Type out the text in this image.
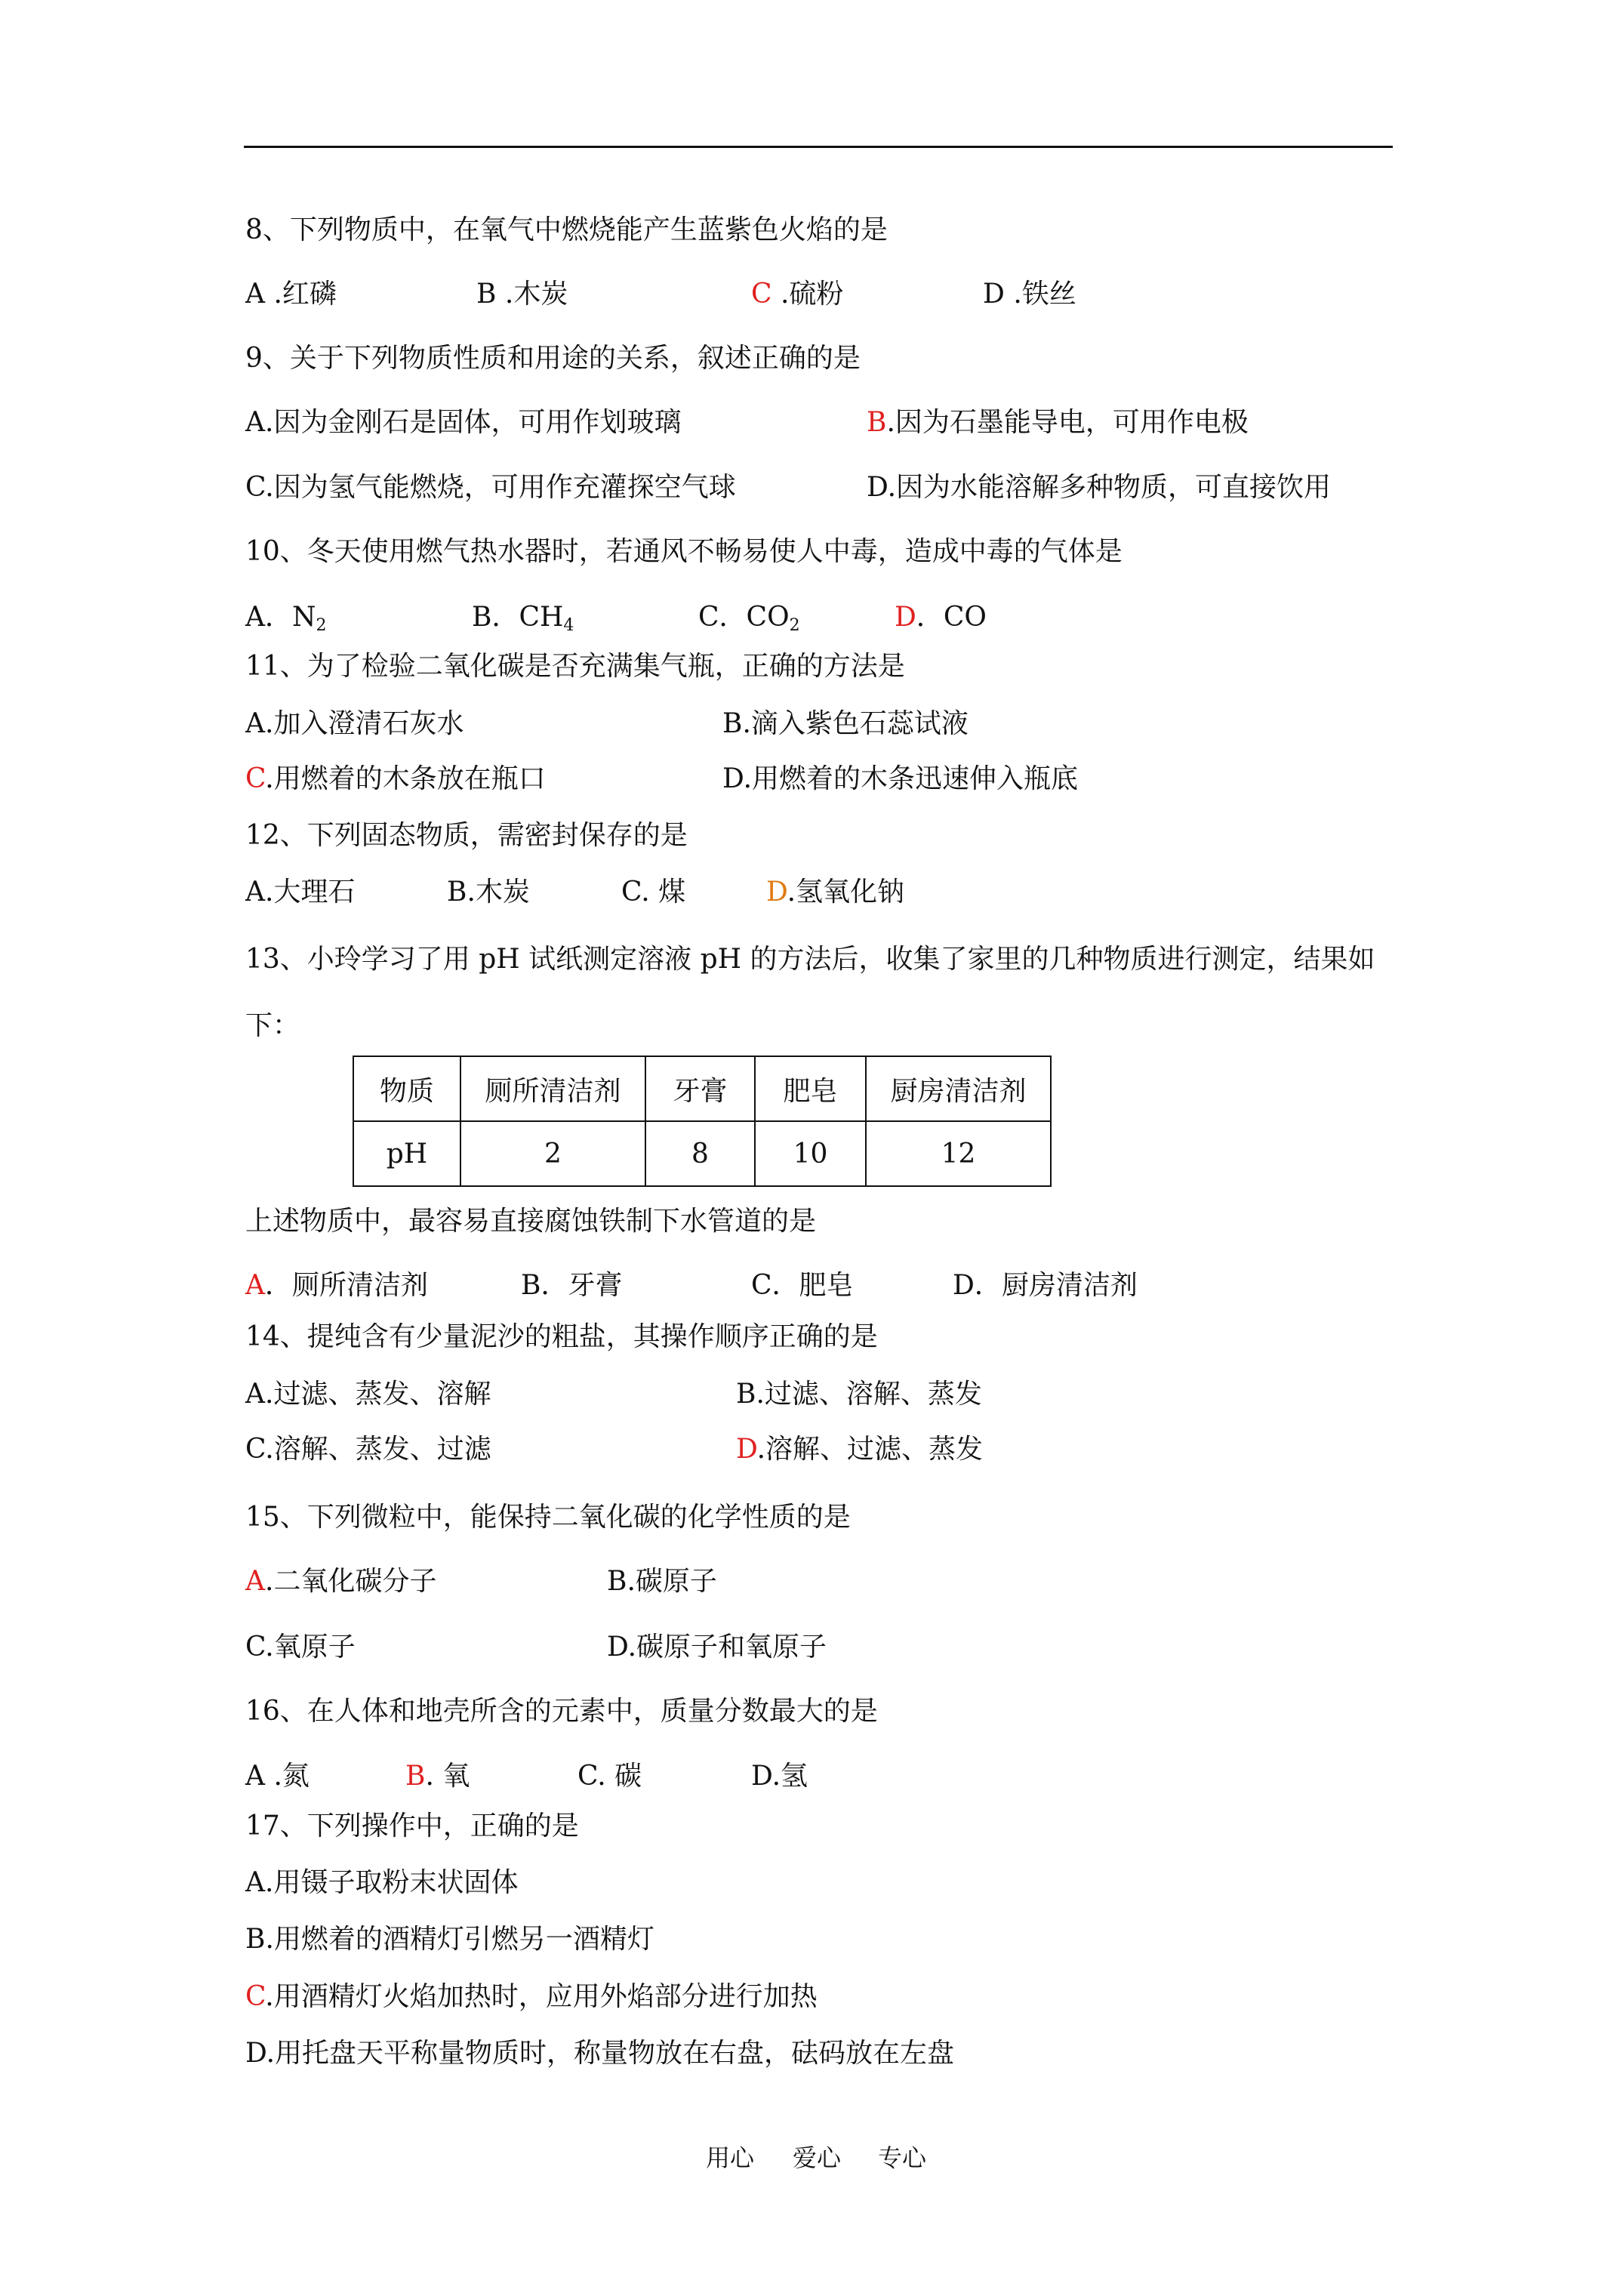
8、下列物质中，在氧气中燃烧能产生蓝紫色火焰的是
A .红磷	B .木炭	C .硫粉	D .铁丝
9、关于下列物质性质和用途的关系，叙述正确的是
A.因为金刚石是固体，可用作划玻璃	B.因为石墨能导电，可用作电极
C.因为氢气能燃烧，可用作充灌探空气球	D.因为水能溶解多种物质，可直接饮用
10、冬天使用燃气热水器时，若通风不畅易使人中毒，造成中毒的气体是
A．$N_2$	B．$CH_4$	C．$CO_2$	D．CO
11、为了检验二氧化碳是否充满集气瓶，正确的方法是
A.加入澄清石灰水	B.滴入紫色石蕊试液
C.用燃着的木条放在瓶口	D.用燃着的木条迅速伸入瓶底
12、下列固态物质，需密封保存的是
A.大理石	B.木炭	C. 煤	D.氢氧化钠
13、小玲学习了用 pH 试纸测定溶液 pH 的方法后，收集了家里的几种物质进行测定，结果如
下：
物质	厕所清洁剂	牙膏	肥皂	厨房清洁剂
pH	2	8	10	12
上述物质中，最容易直接腐蚀铁制下水管道的是
A．厕所清洁剂	B．牙膏	C．肥皂	D．厨房清洁剂
14、提纯含有少量泥沙的粗盐，其操作顺序正确的是
A.过滤、蒸发、溶解	B.过滤、溶解、蒸发
C.溶解、蒸发、过滤	D.溶解、过滤、蒸发
15、下列微粒中，能保持二氧化碳的化学性质的是
A.二氧化碳分子	B.碳原子
C.氧原子	D.碳原子和氧原子
16、在人体和地壳所含的元素中，质量分数最大的是
A .氮	B. 氧	C. 碳	D.氢
17、下列操作中，正确的是
A.用镊子取粉末状固体
B.用燃着的酒精灯引燃另一酒精灯
C.用酒精灯火焰加热时，应用外焰部分进行加热
D.用托盘天平称量物质时，称量物放在右盘，砝码放在左盘
用心 爱心 专心
